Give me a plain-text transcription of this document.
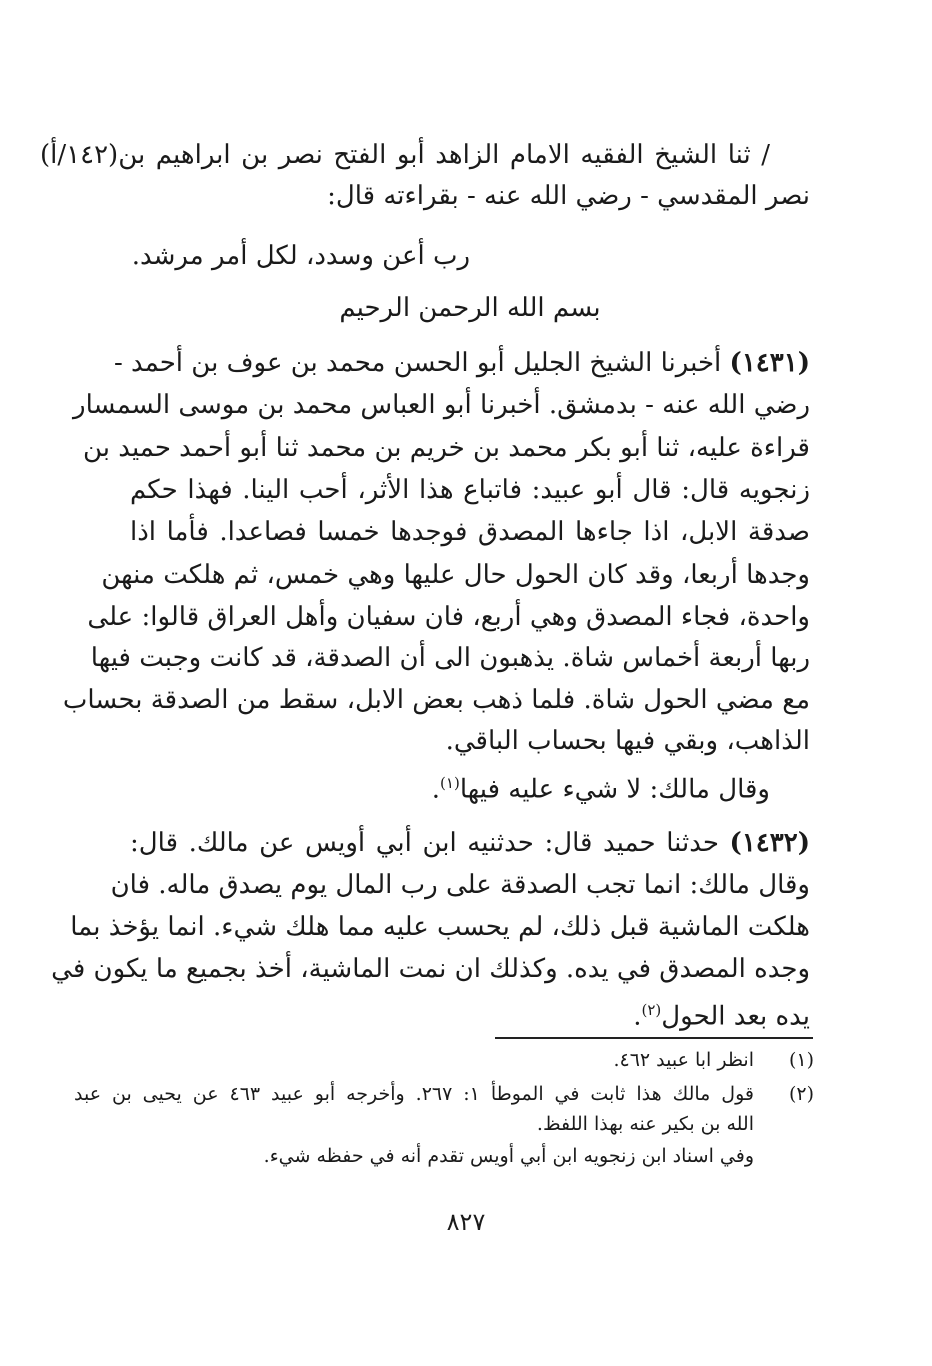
/ ثنا الشيخ الفقيه الامام الزاهد أبو الفتح نصر بن ابراهيم بن(١٤٢/أ)
نصر المقدسي - رضي الله عنه - بقراءته قال:
رب أعن وسدد، لكل أمر مرشد.
بسم الله الرحمن الرحيم
(١٤٣١) أخبرنا الشيخ الجليل أبو الحسن محمد بن عوف بن أحمد -
رضي الله عنه - بدمشق. أخبرنا أبو العباس محمد بن موسى السمسار
قراءة عليه، ثنا أبو بكر محمد بن خريم بن محمد ثنا أبو أحمد حميد بن
زنجويه قال: قال أبو عبيد: فاتباع هذا الأثر، أحب الينا. فهذا حكم
صدقة الابل، اذا جاءها المصدق فوجدها خمسا فصاعدا. فأما اذا
وجدها أربعا، وقد كان الحول حال عليها وهي خمس، ثم هلكت منهن
واحدة، فجاء المصدق وهي أربع، فان سفيان وأهل العراق قالوا: على
ربها أربعة أخماس شاة. يذهبون الى أن الصدقة، قد كانت وجبت فيها
مع مضي الحول شاة. فلما ذهب بعض الابل، سقط من الصدقة بحساب
الذاهب، وبقي فيها بحساب الباقي.
وقال مالك: لا شيء عليه فيها$^{(١)}$.
(١٤٣٢) حدثنا حميد قال: حدثنيه ابن أبي أويس عن مالك. قال:
وقال مالك: انما تجب الصدقة على رب المال يوم يصدق ماله. فان
هلكت الماشية قبل ذلك، لم يحسب عليه مما هلك شيء. انما يؤخذ بما
وجده المصدق في يده. وكذلك ان نمت الماشية، أخذ بجميع ما يكون في
يده بعد الحول$^{(٢)}$.
(١)
انظر ابا عبيد ٤٦٢.
(٢)
قول مالك هذا ثابت في الموطأ ١: ٢٦٧. وأخرجه أبو عبيد ٤٦٣ عن يحيى بن عبد
الله بن بكير عنه بهذا اللفظ.
وفي اسناد ابن زنجويه ابن أبي أويس تقدم أنه في حفظه شيء.
٨٢٧
